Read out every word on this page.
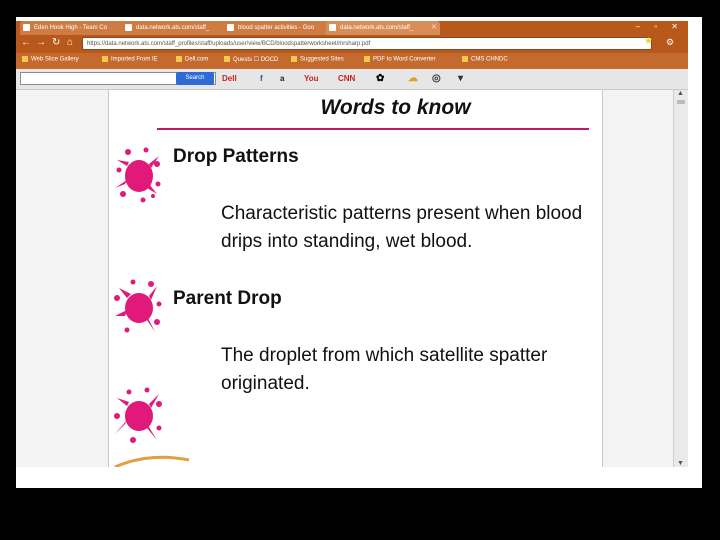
Eden Hook High - Team Co	data.network.ats.com/staff_	blood spatter activities - Goo	data.network.ats.com/staff_	✕	– ▫ ✕
← → ↻ ⌂	https://data.network.ats.com/staff_profiles/staff/uploads/user/view/BCD/bloodspatterworksheet/mrsharp.pdf	★ ⚙
Web Slice Gallery	Imported From IE	Dell.com	Quests ☐ DOCD	Suggested Sites	PDF to Word Converter	CMS CHNDC
Search	Dell	f a You CNN ✿ ☁ ◎ ▾
Words to know
Drop Patterns
Characteristic patterns present when blood drips into standing, wet blood.
Parent Drop
The droplet from which satellite spatter originated.
▲
▼
